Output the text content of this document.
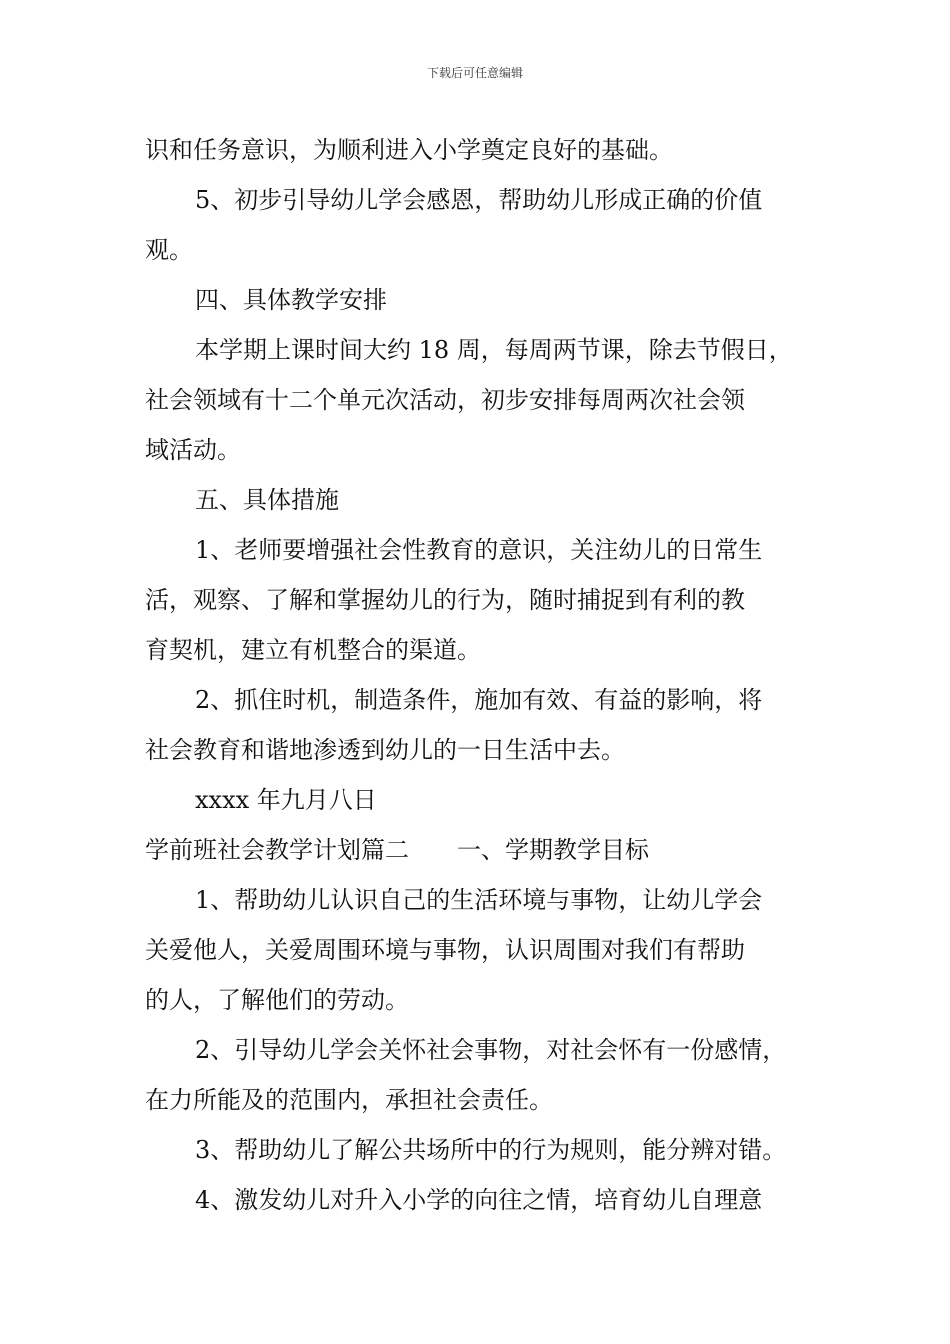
下载后可任意编辑
识和任务意识，为顺利进入小学奠定良好的基础。
5、初步引导幼儿学会感恩，帮助幼儿形成正确的价值
观。
四、具体教学安排
本学期上课时间大约 18 周，每周两节课，除去节假日，
社会领域有十二个单元次活动，初步安排每周两次社会领
域活动。
五、具体措施
1、老师要增强社会性教育的意识，关注幼儿的日常生
活，观察、了解和掌握幼儿的行为，随时捕捉到有利的教
育契机，建立有机整合的渠道。
2、抓住时机，制造条件，施加有效、有益的影响，将
社会教育和谐地渗透到幼儿的一日生活中去。
xxxx 年九月八日
学前班社会教学计划篇二　　一、学期教学目标
1、帮助幼儿认识自己的生活环境与事物，让幼儿学会
关爱他人，关爱周围环境与事物，认识周围对我们有帮助
的人，了解他们的劳动。
2、引导幼儿学会关怀社会事物，对社会怀有一份感情，
在力所能及的范围内，承担社会责任。
3、帮助幼儿了解公共场所中的行为规则，能分辨对错。
4、激发幼儿对升入小学的向往之情，培育幼儿自理意
